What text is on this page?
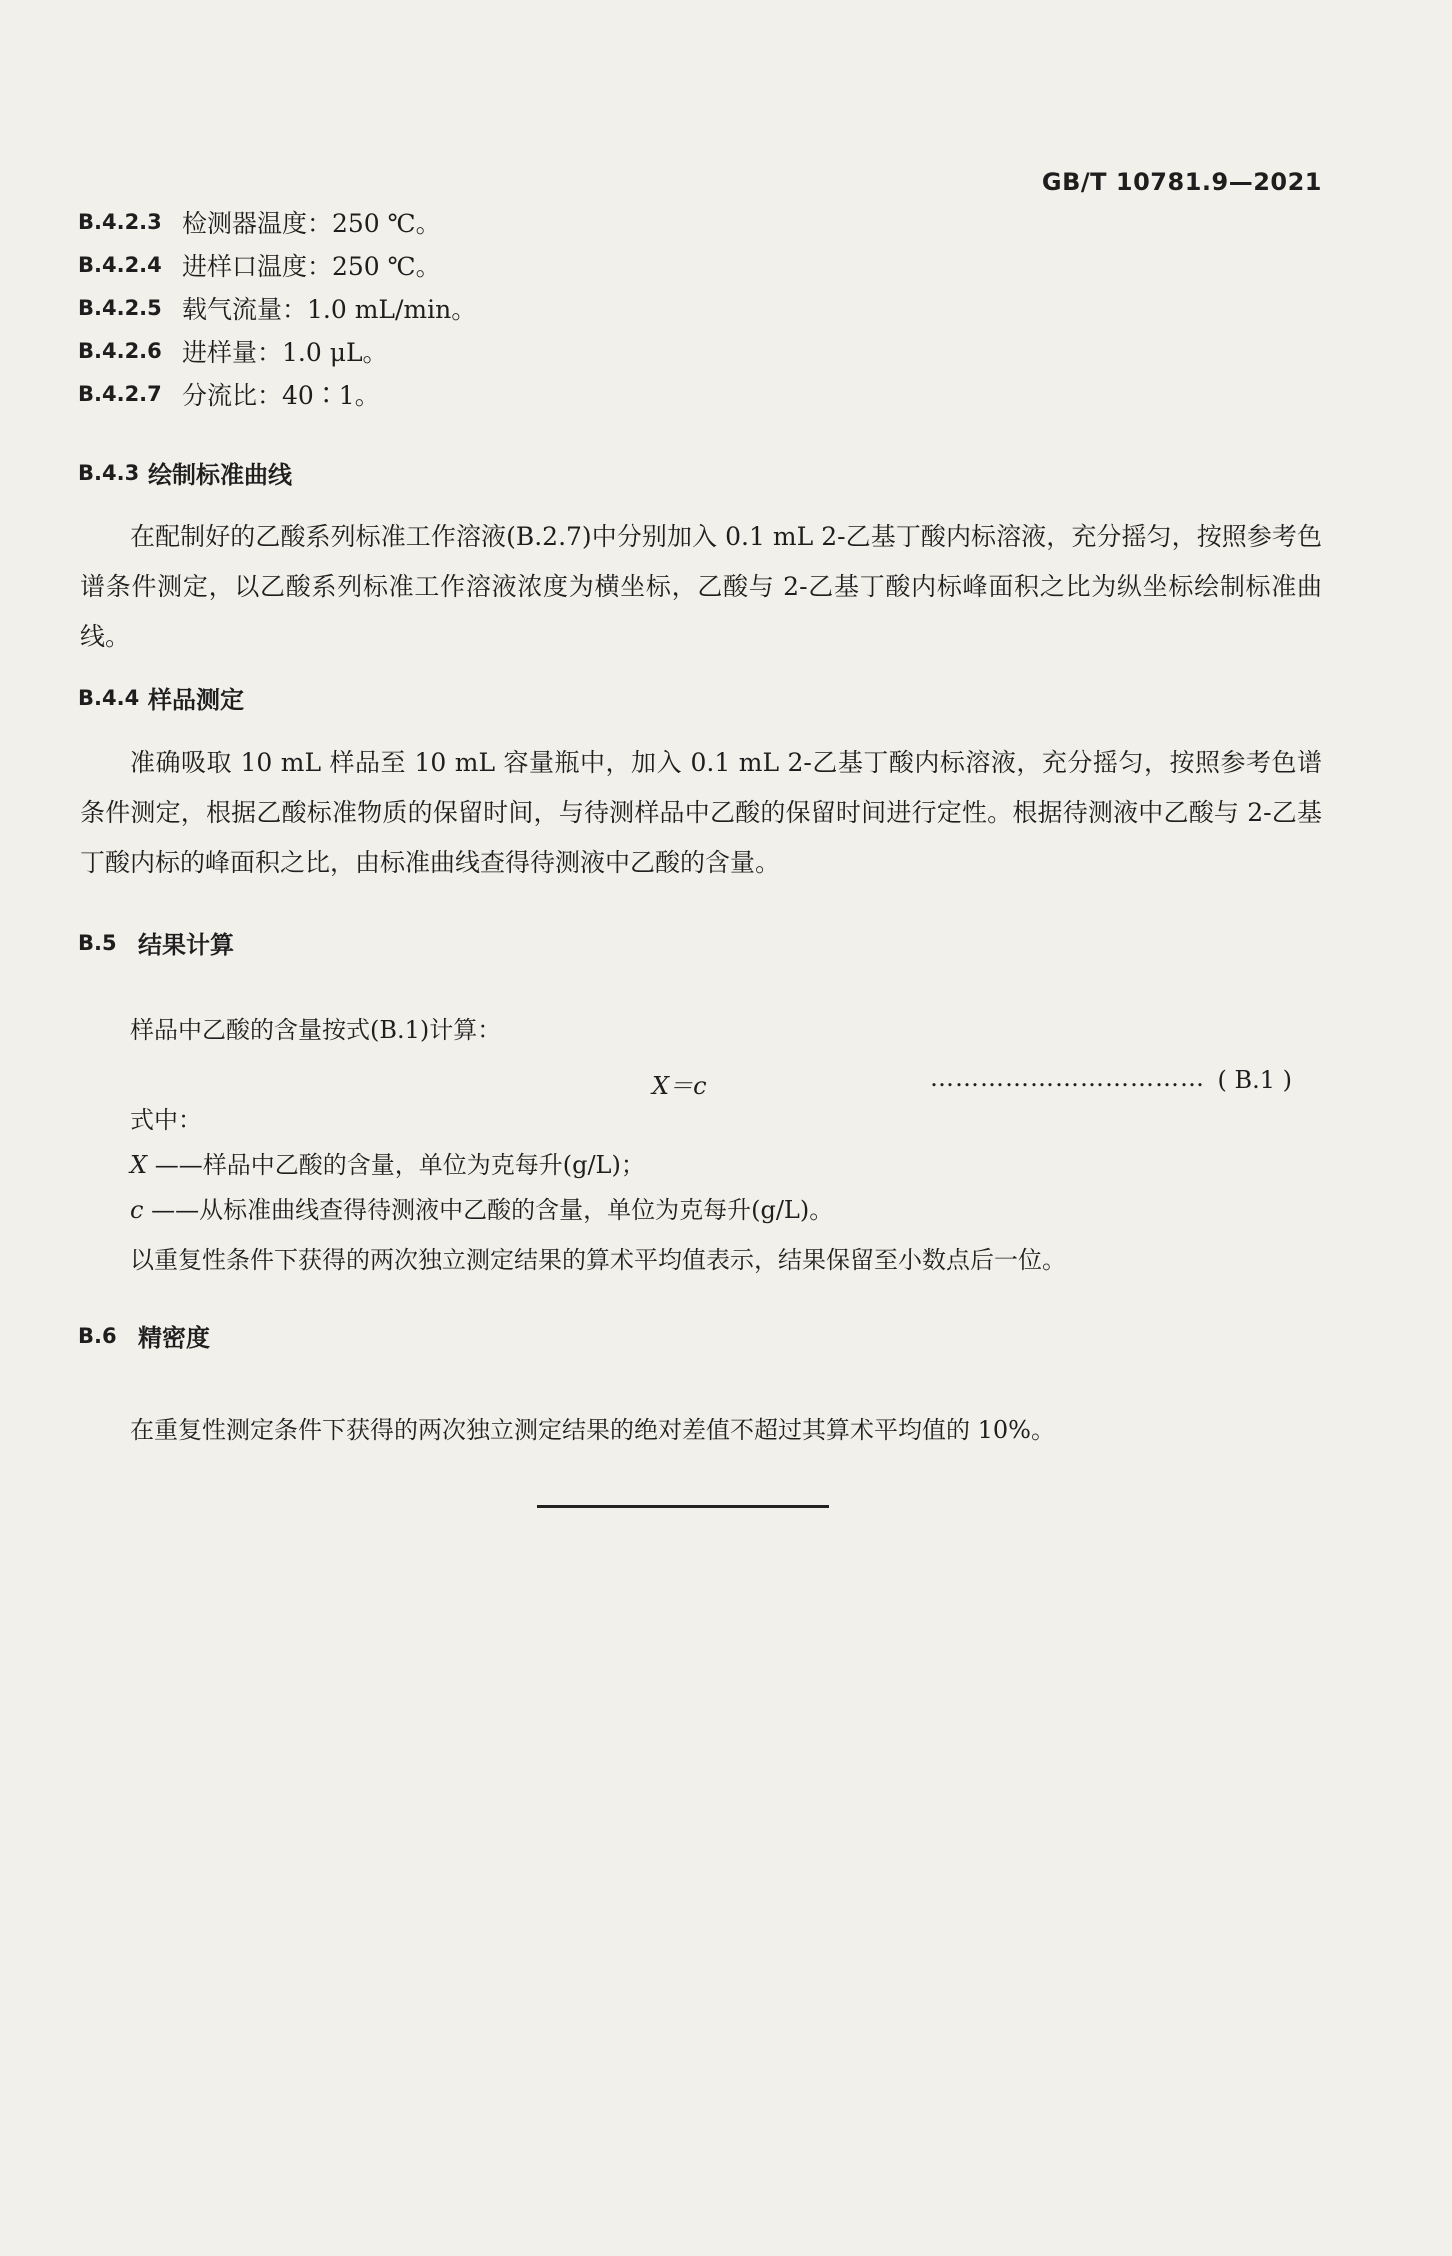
GB/T 10781.9—2021
B.4.2.3 检测器温度：250 ℃。
B.4.2.4 进样口温度：250 ℃。
B.4.2.5 载气流量：1.0 mL/min。
B.4.2.6 进样量：1.0 μL。
B.4.2.7 分流比：40∶1。
B.4.3 绘制标准曲线
在配制好的乙酸系列标准工作溶液(B.2.7)中分别加入 0.1 mL 2-乙基丁酸内标溶液，充分摇匀，按照参考色谱条件测定，以乙酸系列标准工作溶液浓度为横坐标，乙酸与 2-乙基丁酸内标峰面积之比为纵坐标绘制标准曲线。
B.4.4 样品测定
准确吸取 10 mL 样品至 10 mL 容量瓶中，加入 0.1 mL 2-乙基丁酸内标溶液，充分摇匀，按照参考色谱条件测定，根据乙酸标准物质的保留时间，与待测样品中乙酸的保留时间进行定性。根据待测液中乙酸与 2-乙基丁酸内标的峰面积之比，由标准曲线查得待测液中乙酸的含量。
B.5 结果计算
样品中乙酸的含量按式(B.1)计算：
X＝c	…………………………… ( B.1 )
式中：
X ——样品中乙酸的含量，单位为克每升(g/L)；
c ——从标准曲线查得待测液中乙酸的含量，单位为克每升(g/L)。
以重复性条件下获得的两次独立测定结果的算术平均值表示，结果保留至小数点后一位。
B.6 精密度
在重复性测定条件下获得的两次独立测定结果的绝对差值不超过其算术平均值的 10%。
